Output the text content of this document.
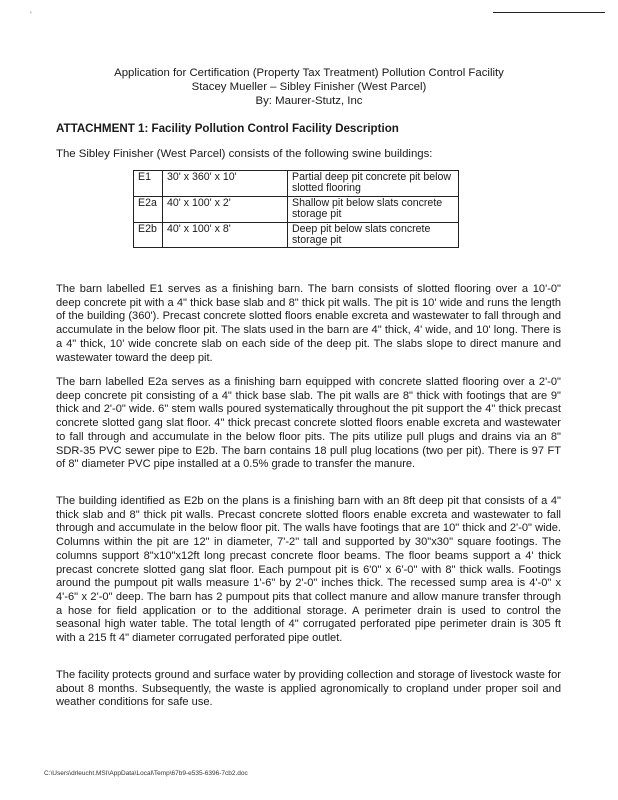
'
Application for Certification (Property Tax Treatment) Pollution Control Facility
Stacey Mueller – Sibley Finisher (West Parcel)
By: Maurer-Stutz, Inc
ATTACHMENT 1: Facility Pollution Control Facility Description
The Sibley Finisher (West Parcel) consists of the following swine buildings:
E1	30' x 360' x 10'	Partial deep pit concrete pit below slotted flooring
E2a	40' x 100' x 2'	Shallow pit below slats concrete storage pit
E2b	40' x 100' x 8'	Deep pit below slats concrete storage pit

The barn labelled E1 serves as a finishing barn. The barn consists of slotted flooring over a 10'-0" deep concrete pit with a 4" thick base slab and 8" thick pit walls. The pit is 10' wide and runs the length of the building (360'). Precast concrete slotted floors enable excreta and wastewater to fall through and accumulate in the below floor pit. The slats used in the barn are 4" thick, 4' wide, and 10' long. There is a 4" thick, 10' wide concrete slab on each side of the deep pit. The slabs slope to direct manure and wastewater toward the deep pit.

The barn labelled E2a serves as a finishing barn equipped with concrete slatted flooring over a 2'-0" deep concrete pit consisting of a 4" thick base slab. The pit walls are 8" thick with footings that are 9" thick and 2'-0" wide. 6" stem walls poured systematically throughout the pit support the 4" thick precast concrete slotted gang slat floor. 4" thick precast concrete slotted floors enable excreta and wastewater to fall through and accumulate in the below floor pits. The pits utilize pull plugs and drains via an 8" SDR-35 PVC sewer pipe to E2b. The barn contains 18 pull plug locations (two per pit). There is 97 FT of 8" diameter PVC pipe installed at a 0.5% grade to transfer the manure.

The building identified as E2b on the plans is a finishing barn with an 8ft deep pit that consists of a 4" thick slab and 8" thick pit walls. Precast concrete slotted floors enable excreta and wastewater to fall through and accumulate in the below floor pit. The walls have footings that are 10" thick and 2'-0" wide. Columns within the pit are 12" in diameter, 7'-2" tall and supported by 30"x30" square footings. The columns support 8"x10"x12ft long precast concrete floor beams. The floor beams support a 4' thick precast concrete slotted gang slat floor. Each pumpout pit is 6'0" x 6'-0" with 8" thick walls. Footings around the pumpout pit walls measure 1'-6" by 2'-0" inches thick. The recessed sump area is 4'-0" x 4'-6" x 2'-0" deep. The barn has 2 pumpout pits that collect manure and allow manure transfer through a hose for field application or to the additional storage. A perimeter drain is used to control the seasonal high water table. The total length of 4" corrugated perforated pipe perimeter drain is 305 ft with a 215 ft 4" diameter corrugated perforated pipe outlet.

The facility protects ground and surface water by providing collection and storage of livestock waste for about 8 months. Subsequently, the waste is applied agronomically to cropland under proper soil and weather conditions for safe use.

C:\Users\drleucht.MSI\AppData\Local\Temp\67b9-e535-6396-7cb2.doc
